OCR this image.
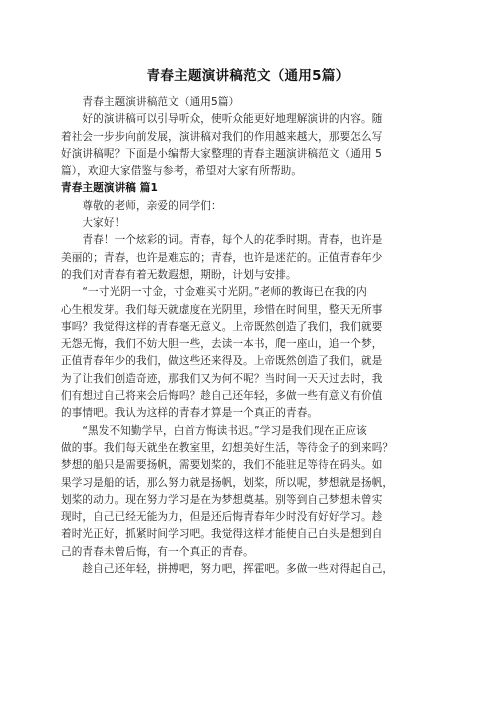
青春主题演讲稿范文（通用5篇）
　　青春主题演讲稿范文（通用5篇）
　　好的演讲稿可以引导听众，使听众能更好地理解演讲的内容。随
着社会一步步向前发展，演讲稿对我们的作用越来越大，那要怎么写
好演讲稿呢？下面是小编帮大家整理的青春主题演讲稿范文（通用 5
篇），欢迎大家借鉴与参考，希望对大家有所帮助。
青春主题演讲稿 篇1
　　尊敬的老师，亲爱的同学们：
　　大家好！
　　青春！一个炫彩的词。青春，每个人的花季时期。青春，也许是
美丽的；青春，也许是难忘的；青春，也许是迷茫的。正值青春年少
的我们对青春有着无数遐想，期盼，计划与安排。
　　“一寸光阴一寸金，寸金难买寸光阴。”老师的教诲已在我的内
心生根发芽。我们每天就虚度在光阴里，珍惜在时间里，整天无所事
事吗？我觉得这样的青春毫无意义。上帝既然创造了我们，我们就要
无怨无悔，我们不妨大胆一些，去读一本书，爬一座山，追一个梦，
正值青春年少的我们，做这些还来得及。上帝既然创造了我们，就是
为了让我们创造奇迹，那我们又为何不呢？当时间一天天过去时，我
们有想过自己将来会后悔吗？趁自己还年轻，多做一些有意义有价值
的事情吧。我认为这样的青春才算是一个真正的青春。
　　“黑发不知勤学早，白首方悔读书迟。”学习是我们现在正应该
做的事。我们每天就坐在教室里，幻想美好生活，等待金子的到来吗？
梦想的船只是需要扬帆，需要划桨的，我们不能驻足等待在码头。如
果学习是船的话，那么努力就是扬帆，划桨，所以呢，梦想就是扬帆，
划桨的动力。现在努力学习是在为梦想奠基。别等到自己梦想未曾实
现时，自己已经无能为力，但是还后悔青春年少时没有好好学习。趁
着时光正好，抓紧时间学习吧。我觉得这样才能使自己白头是想到自
己的青春未曾后悔，有一个真正的青春。
　　趁自己还年轻，拼搏吧，努力吧，挥霍吧。多做一些对得起自己，
